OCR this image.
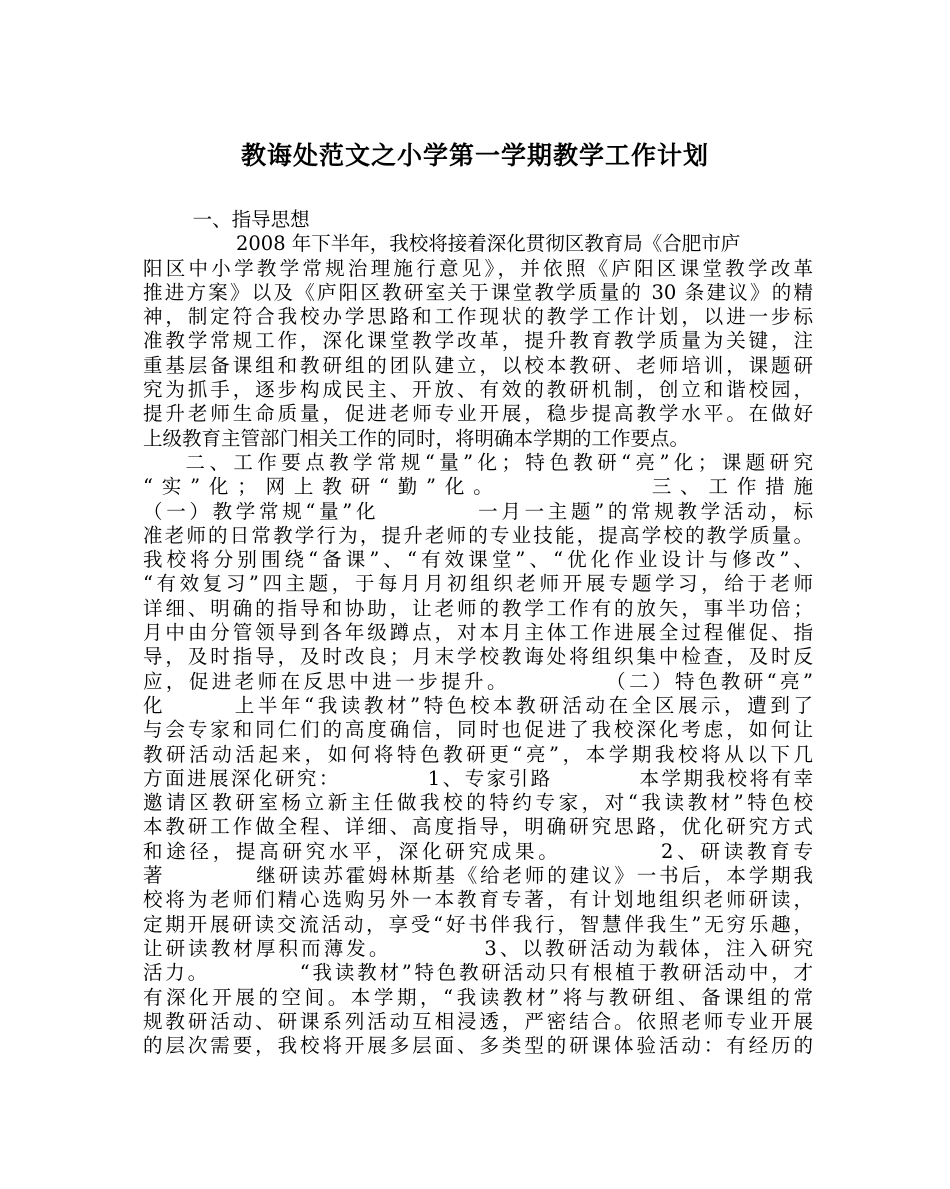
教诲处范文之小学第一学期教学工作计划
一、指导思想
2008 年下半年，我校将接着深化贯彻区教育局《合肥市庐
阳区中小学教学常规治理施行意见》，并依照《庐阳区课堂教学改革
推进方案》以及《庐阳区教研室关于课堂教学质量的 30 条建议》的精
神，制定符合我校办学思路和工作现状的教学工作计划，以进一步标
准教学常规工作，深化课堂教学改革，提升教育教学质量为关键，注
重基层备课组和教研组的团队建立，以校本教研、老师培训，课题研
究为抓手，逐步构成民主、开放、有效的教研机制，创立和谐校园，
提升老师生命质量，促进老师专业开展，稳步提高教学水平。在做好
上级教育主管部门相关工作的同时，将明确本学期的工作要点。
二、工作要点教学常规“量”化；特色教研“亮”化；课题研究
“实”化；网上教研“勤”化。          三、工作措施
（一）教学常规“量”化          一月一主题”的常规教学活动，标
准老师的日常教学行为，提升老师的专业技能，提高学校的教学质量。
我校将分别围绕“备课”、“有效课堂”、“优化作业设计与修改”、
“有效复习”四主题，于每月月初组织老师开展专题学习，给于老师
详细、明确的指导和协助，让老师的教学工作有的放矢，事半功倍；
月中由分管领导到各年级蹲点，对本月主体工作进展全过程催促、指
导，及时指导，及时改良；月末学校教诲处将组织集中检查，及时反
应，促进老师在反思中进一步提升。          （二）特色教研“亮”
化       上半年“我读教材”特色校本教研活动在全区展示，遭到了
与会专家和同仁们的高度确信，同时也促进了我校深化考虑，如何让
教研活动活起来，如何将特色教研更“亮”，本学期我校将从以下几
方面进展深化研究：          1、专家引路          本学期我校将有幸
邀请区教研室杨立新主任做我校的特约专家，对“我读教材”特色校
本教研工作做全程、详细、高度指导，明确研究思路，优化研究方式
和途径，提高研究水平，深化研究成果。          2、研读教育专
著          继研读苏霍姆林斯基《给老师的建议》一书后，本学期我
校将为老师们精心选购另外一本教育专著，有计划地组织老师研读，
定期开展研读交流活动，享受“好书伴我行，智慧伴我生”无穷乐趣，
让研读教材厚积而薄发。          3、以教研活动为载体，注入研究
活力。          “我读教材”特色教研活动只有根植于教研活动中，才
有深化开展的空间。本学期，“我读教材”将与教研组、备课组的常
规教研活动、研课系列活动互相浸透，严密结合。依照老师专业开展
的层次需要，我校将开展多层面、多类型的研课体验活动：有经历的
